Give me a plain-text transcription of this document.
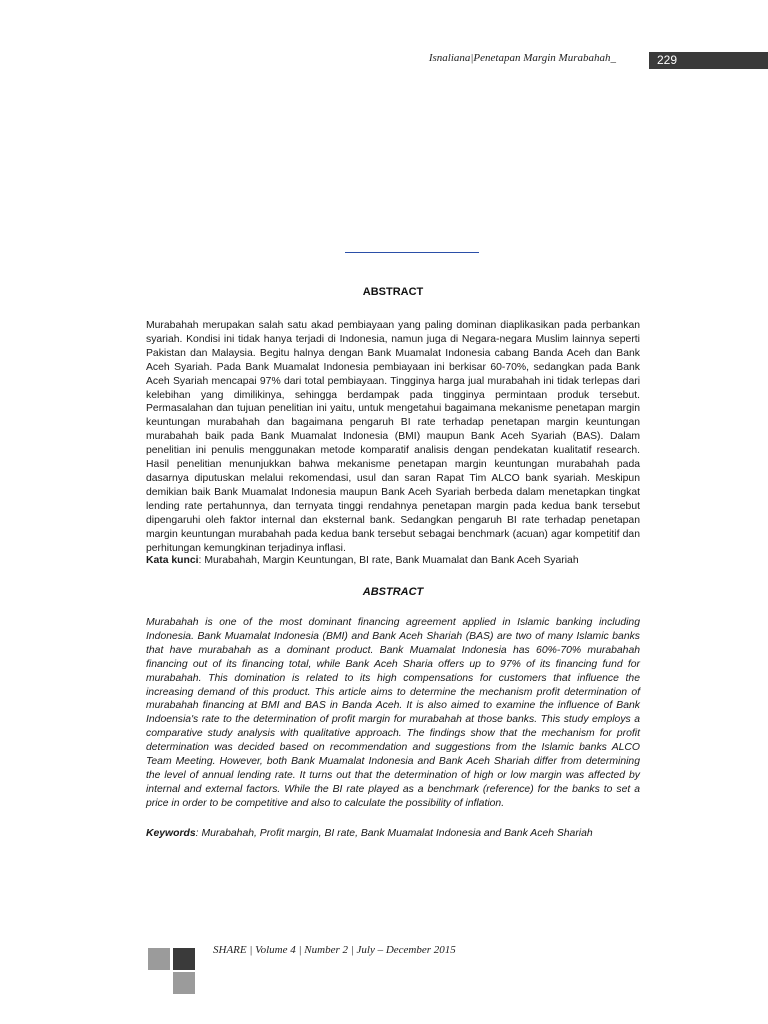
Isnaliana|Penetapan Margin Murabahah_	229
ABSTRACT

Murabahah merupakan salah satu akad pembiayaan yang paling dominan diaplikasikan pada perbankan syariah. Kondisi ini tidak hanya terjadi di Indonesia, namun juga di Negara-negara Muslim lainnya seperti Pakistan dan Malaysia. Begitu halnya dengan Bank Muamalat Indonesia cabang Banda Aceh dan Bank Aceh Syariah. Pada Bank Muamalat Indonesia pembiayaan ini berkisar 60-70%, sedangkan pada Bank Aceh Syariah mencapai 97% dari total pembiayaan. Tingginya harga jual murabahah ini tidak terlepas dari kelebihan yang dimilikinya, sehingga berdampak pada tingginya permintaan produk tersebut. Permasalahan dan tujuan penelitian ini yaitu, untuk mengetahui bagaimana mekanisme penetapan margin keuntungan murabahah dan bagaimana pengaruh BI rate terhadap penetapan margin keuntungan murabahah baik pada Bank Muamalat Indonesia (BMI) maupun Bank Aceh Syariah (BAS). Dalam penelitian ini penulis menggunakan metode komparatif analisis dengan pendekatan kualitatif research. Hasil penelitian menunjukkan bahwa mekanisme penetapan margin keuntungan murabahah pada dasarnya diputuskan melalui rekomendasi, usul dan saran Rapat Tim ALCO bank syariah. Meskipun demikian baik Bank Muamalat Indonesia maupun Bank Aceh Syariah berbeda dalam menetapkan tingkat lending rate pertahunnya, dan ternyata tinggi rendahnya penetapan margin pada kedua bank tersebut dipengaruhi oleh faktor internal dan eksternal bank. Sedangkan pengaruh BI rate terhadap penetapan margin keuntungan murabahah pada kedua bank tersebut sebagai benchmark (acuan) agar kompetitif dan perhitungan kemungkinan terjadinya inflasi.

Kata kunci: Murabahah, Margin Keuntungan, BI rate, Bank Muamalat dan Bank Aceh Syariah

ABSTRACT

Murabahah is one of the most dominant financing agreement applied in Islamic banking including Indonesia. Bank Muamalat Indonesia (BMI) and Bank Aceh Shariah (BAS) are two of many Islamic banks that have murabahah as a dominant product. Bank Muamalat Indonesia has 60%-70% murabahah financing out of its financing total, while Bank Aceh Sharia offers up to 97% of its financing fund for murabahah. This domination is related to its high compensations for customers that influence the increasing demand of this product. This article aims to determine the mechanism profit determination of murabahah financing at BMI and BAS in Banda Aceh. It is also aimed to examine the influence of Bank Indoensia's rate to the determination of profit margin for murabahah at those banks. This study employs a comparative study analysis with qualitative approach. The findings show that the mechanism for profit determination was decided based on recommendation and suggestions from the Islamic banks ALCO Team Meeting. However, both Bank Muamalat Indonesia and Bank Aceh Shariah differ from determining the level of annual lending rate. It turns out that the determination of high or low margin was affected by internal and external factors. While the BI rate played as a benchmark (reference) for the banks to set a price in order to be competitive and also to calculate the possibility of inflation.

Keywords: Murabahah, Profit margin, BI rate, Bank Muamalat Indonesia and Bank Aceh Shariah

SHARE | Volume 4 | Number 2 | July – December 2015
